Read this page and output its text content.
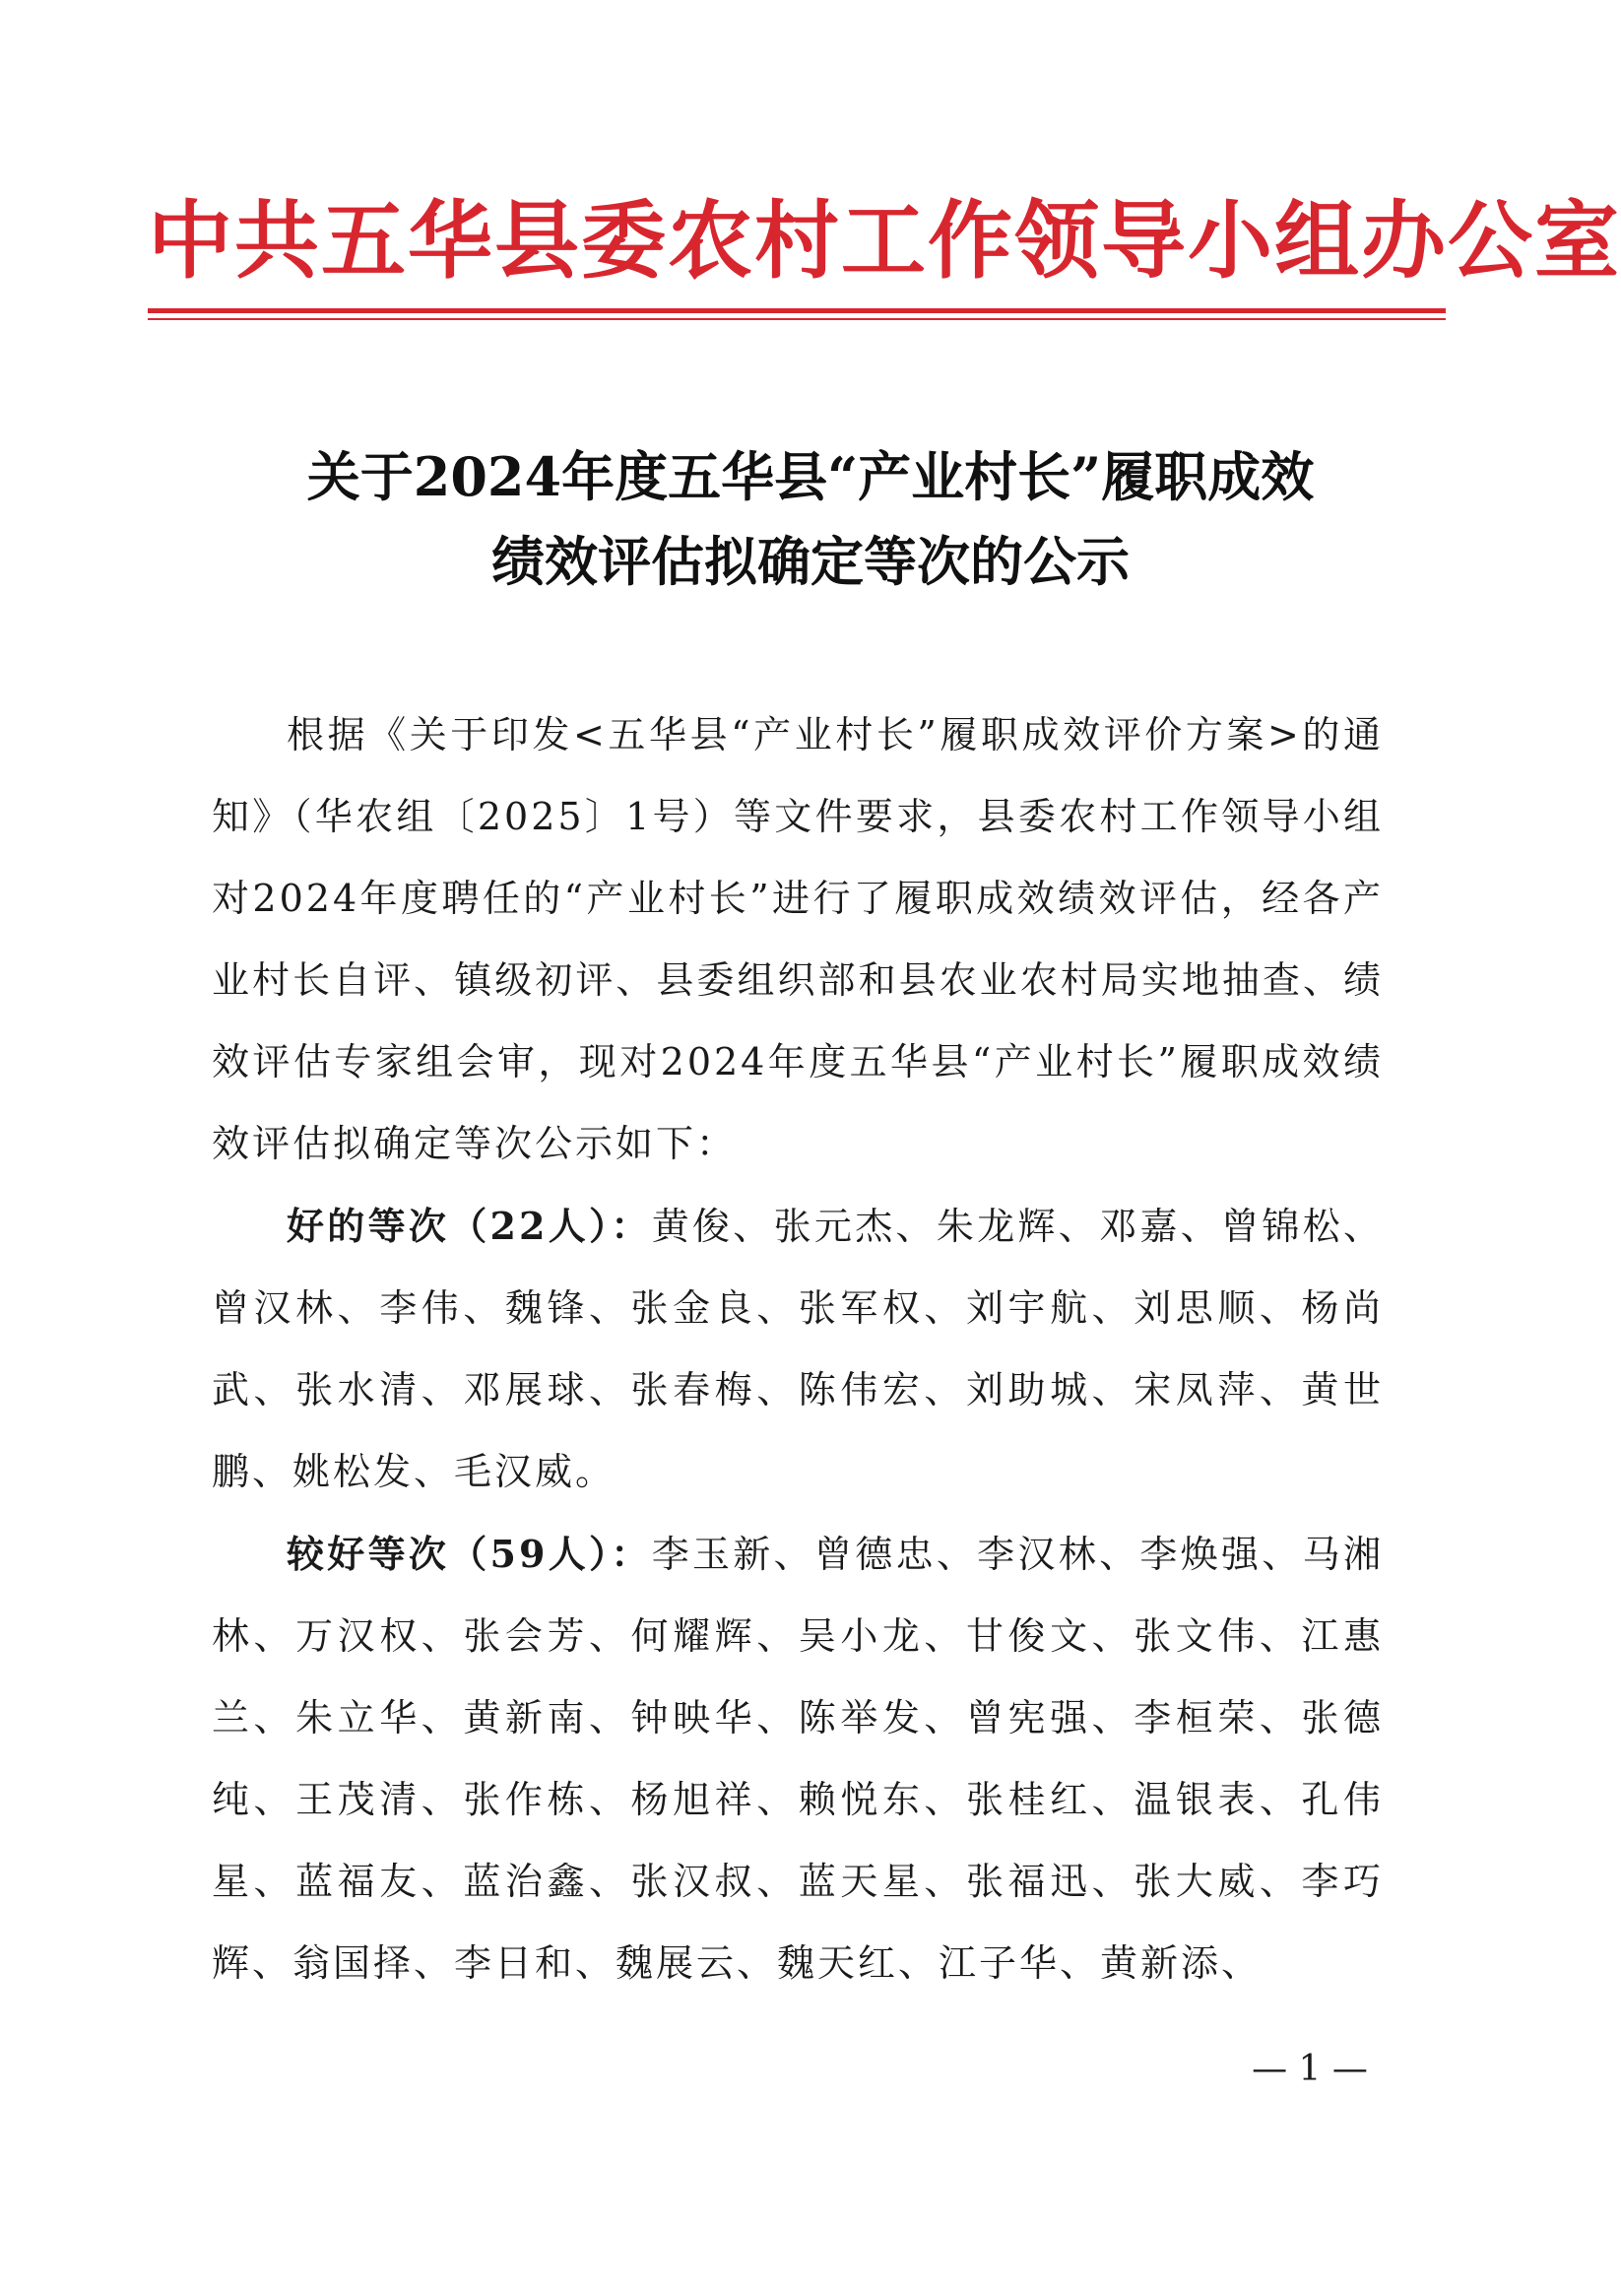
中共五华县委农村工作领导小组办公室
关于2024年度五华县“产业村长”履职成效
绩效评估拟确定等次的公示

根据《关于印发<五华县“产业村长”履职成效评价方案>的通知》（华农组〔2025〕1号）等文件要求，县委农村工作领导小组对2024年度聘任的“产业村长”进行了履职成效绩效评估，经各产业村长自评、镇级初评、县委组织部和县农业农村局实地抽查、绩效评估专家组会审，现对2024年度五华县“产业村长”履职成效绩效评估拟确定等次公示如下：

好的等次（22人）：黄俊、张元杰、朱龙辉、邓嘉、曾锦松、曾汉林、李伟、魏锋、张金良、张军权、刘宇航、刘思顺、杨尚武、张水清、邓展球、张春梅、陈伟宏、刘助城、宋凤萍、黄世鹏、姚松发、毛汉威。

较好等次（59人）：李玉新、曾德忠、李汉林、李焕强、马湘林、万汉权、张会芳、何耀辉、吴小龙、甘俊文、张文伟、江惠兰、朱立华、黄新南、钟映华、陈举发、曾宪强、李桓荣、张德纯、王茂清、张作栋、杨旭祥、赖悦东、张桂红、温银表、孔伟星、蓝福友、蓝治鑫、张汉叔、蓝天星、张福迅、张大威、李巧辉、翁国择、李日和、魏展云、魏天红、江子华、黄新添、

— 1 —
